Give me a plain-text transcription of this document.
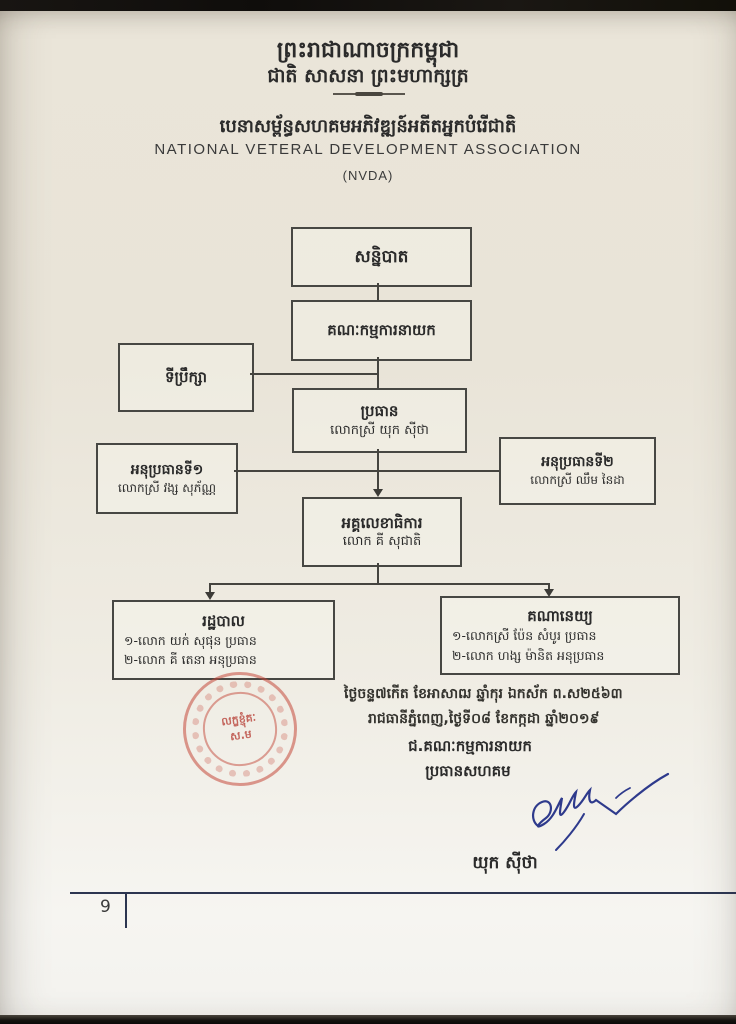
ព្រះរាជាណាចក្រកម្ពុជា
ជាតិ សាសនា ព្រះមហាក្សត្រ
បេនាសម្ព័ន្ធសហគមអភិវឌ្ឍន៍អតីតអ្នកបំរើជាតិ
NATIONAL VETERAL DEVELOPMENT ASSOCIATION
(NVDA)
សន្និបាត
គណៈកម្មការនាយក
ទីប្រឹក្សា
ប្រធាន
លោកស្រី យុក ស៊ីថា
អនុប្រធានទី១
លោកស្រី វង្ស សុភ័ណ្ណ
អនុប្រធានទី២
លោកស្រី ឈឹម នៃដា
អគ្គលេខាធិការ
លោក គី សុជាតិ
រដ្ឋបាល
១-លោក យក់ សុផុន ប្រធាន
២-លោក គី តេនា អនុប្រធាន
គណានេយ្យ
១-លោកស្រី ប៉ែន សំបូរ ប្រធាន
២-លោក ហង្ស ម៉ានិត អនុប្រធាន
លក្ខខ្ញុំគៈ
ស.ម
ថ្ងៃចន្ទ៧កើត ខែអាសាឍ ឆ្នាំកុរ ឯកស័ក ព.ស២៥៦៣
រាជធានីភ្នំពេញ,ថ្ងៃទី០៨ ខែកក្កដា ឆ្នាំ២០១៩
ជ.គណៈកម្មការនាយក
ប្រធានសហគម
យុក ស៊ីថា
9
